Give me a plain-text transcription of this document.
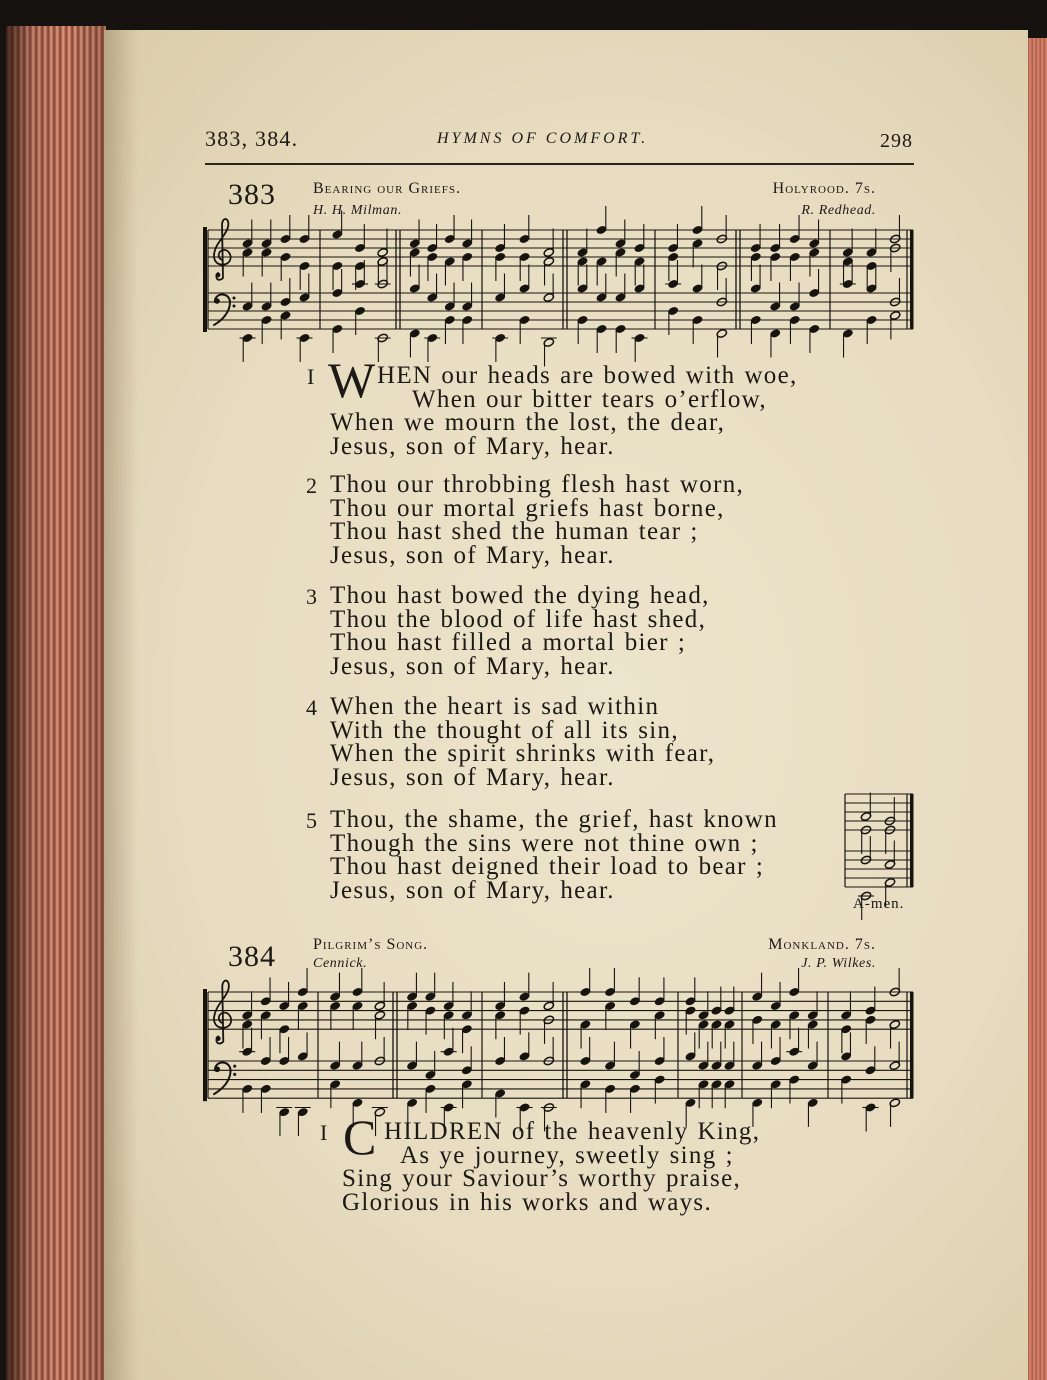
383, 384.	HYMNS OF COMFORT.	298
383 Bearing our Griefs.	Holyrood. 7s.
H. H. Milman.	R. Redhead.
I W HEN our heads are bowed with woe,
When our bitter tears o’erflow,
When we mourn the lost, the dear,
Jesus, son of Mary, hear.
2 Thou our throbbing flesh hast worn,
Thou our mortal griefs hast borne,
Thou hast shed the human tear ;
Jesus, son of Mary, hear.
3 Thou hast bowed the dying head,
Thou the blood of life hast shed,
Thou hast filled a mortal bier ;
Jesus, son of Mary, hear.
4 When the heart is sad within
With the thought of all its sin,
When the spirit shrinks with fear,
Jesus, son of Mary, hear.
5 Thou, the shame, the grief, hast known
Though the sins were not thine own ;
Thou hast deigned their load to bear ;
Jesus, son of Mary, hear.
A-men.
384 Pilgrim’s Song.	Monkland. 7s.
Cennick.	J. P. Wilkes.
I C HILDREN of the heavenly King,
As ye journey, sweetly sing ;
Sing your Saviour’s worthy praise,
Glorious in his works and ways.
